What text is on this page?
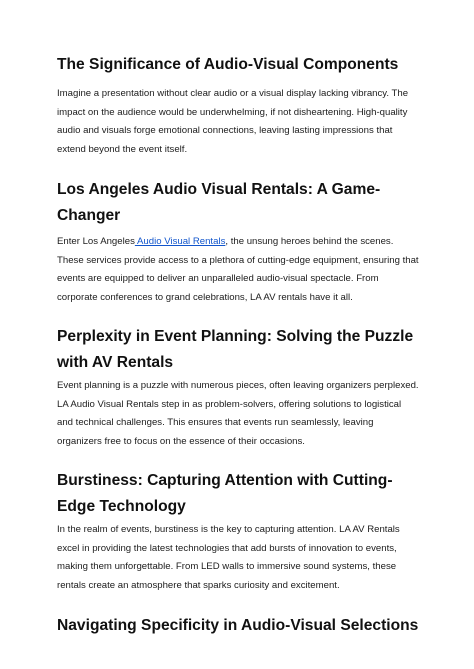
The Significance of Audio-Visual Components

Imagine a presentation without clear audio or a visual display lacking vibrancy. The impact on the audience would be underwhelming, if not disheartening. High-quality audio and visuals forge emotional connections, leaving lasting impressions that extend beyond the event itself.

Los Angeles Audio Visual Rentals: A Game-Changer

Enter Los Angeles Audio Visual Rentals, the unsung heroes behind the scenes. These services provide access to a plethora of cutting-edge equipment, ensuring that events are equipped to deliver an unparalleled audio-visual spectacle. From corporate conferences to grand celebrations, LA AV rentals have it all.

Perplexity in Event Planning: Solving the Puzzle with AV Rentals

Event planning is a puzzle with numerous pieces, often leaving organizers perplexed. LA Audio Visual Rentals step in as problem-solvers, offering solutions to logistical and technical challenges. This ensures that events run seamlessly, leaving organizers free to focus on the essence of their occasions.

Burstiness: Capturing Attention with Cutting-Edge Technology

In the realm of events, burstiness is the key to capturing attention. LA AV Rentals excel in providing the latest technologies that add bursts of innovation to events, making them unforgettable. From LED walls to immersive sound systems, these rentals create an atmosphere that sparks curiosity and excitement.

Navigating Specificity in Audio-Visual Selections
